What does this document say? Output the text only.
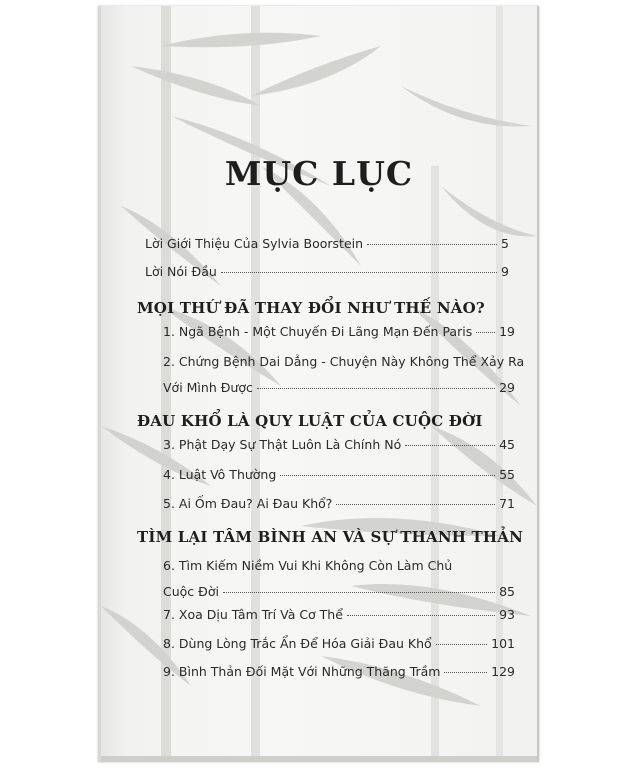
MỤC LỤC
Lời Giới Thiệu Của Sylvia Boorstein	5
Lời Nói Đầu	9
MỌI THỨ ĐÃ THAY ĐỔI NHƯ THẾ NÀO?
1. Ngã Bệnh - Một Chuyến Đi Lãng Mạn Đến Paris 19
2. Chứng Bệnh Dai Dẳng - Chuyện Này Không Thể Xảy Ra
Với Mình Được	29
ĐAU KHỔ LÀ QUY LUẬT CỦA CUỘC ĐỜI
3. Phật Dạy Sự Thật Luôn Là Chính Nó	45
4. Luật Vô Thường	55
5. Ai Ốm Đau? Ai Đau Khổ?	71
TÌM LẠI TÂM BÌNH AN VÀ SỰ THANH THẢN
6. Tìm Kiếm Niềm Vui Khi Không Còn Làm Chủ
Cuộc Đời	85
7. Xoa Dịu Tâm Trí Và Cơ Thể	93
8. Dùng Lòng Trắc Ẩn Để Hóa Giải Đau Khổ	101
9. Bình Thản Đối Mặt Với Những Thăng Trầm	129
